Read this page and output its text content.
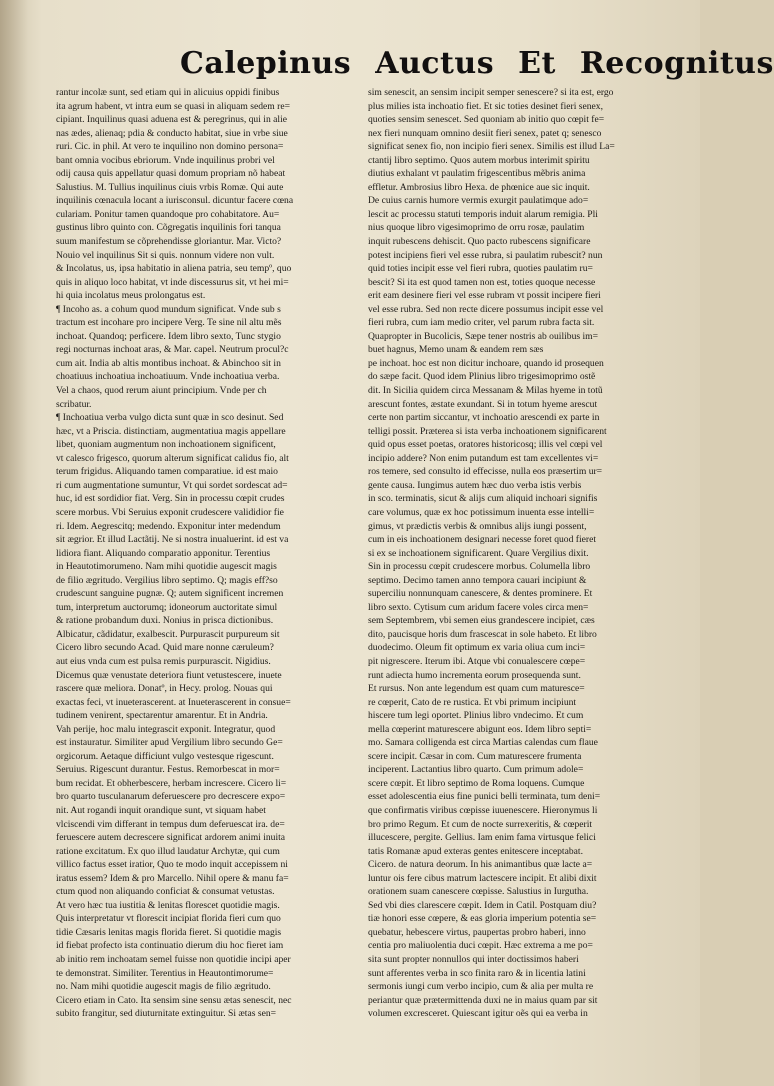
Calepinus Auctus Et Recognitus
rantur incolæ sunt, sed etiam qui in alicuius oppidi finibus
ita agrum habent, vt intra eum se quasi in aliquam sedem re=
cipiant. Inquilinus quasi aduena est & peregrinus, qui in alie
nas ædes, alienaq; pdia & conducto habitat, siue in vrbe siue
ruri. Cic. in phil. At vero te inquilino non domino persona=
bant omnia vocibus ebriorum. Vnde inquilinus probri vel
odij causa quis appellatur quasi domum propriam nõ habeat
Salustius. M. Tullius inquilinus ciuis vrbis Romæ. Qui aute
inquilinis cœnacula locant a iurisconsul. dicuntur facere cœna
culariam. Ponitur tamen quandoque pro cohabitatore. Au=
gustinus libro quinto con. Cõgregatis inquilinis fori tanqua
suum manifestum se cõprehendisse gloriantur. Mar. Victo?
Nouio vel inquilinus Sit si quis. nonnum videre non vult.
& Incolatus, us, ipsa habitatio in aliena patria, seu tempº, quo
quis in aliquo loco habitat, vt inde discessurus sit, vt hei mi=
hi quia incolatus meus prolongatus est.
¶ Incoho as. a cohum quod mundum significat. Vnde sub s
tractum est incohare pro incipere Verg. Te sine nil altu mẽs
inchoat. Quandoq; perficere. Idem libro sexto, Tunc stygio
regi nocturnas inchoat aras, & Mar. capel. Neutrum procul?c
cum ait. India ab altis montibus inchoat. & Abinchoo sit in
choatiuus inchoatiua inchoatiuum. Vnde inchoatiua verba.
Vel a chaos, quod rerum aiunt principium. Vnde per ch
scribatur.
¶ Inchoatiua verba vulgo dicta sunt quæ in sco desinut. Sed
hæc, vt a Priscia. distinctiam, augmentatiua magis appellare
libet, quoniam augmentum non inchoationem significent,
vt calesco frigesco, quorum alterum significat calidus fio, alt
terum frigidus. Aliquando tamen comparatiue. id est maio
ri cum augmentatione sumuntur, Vt qui sordet sordescat ad=
huc, id est sordidior fiat. Verg. Sin in processu cœpit crudes
scere morbus. Vbi Seruius exponit crudescere valididior fie
ri. Idem. Aegrescitq; medendo. Exponitur inter medendum
sit ægrior. Et illud Lactãtij. Ne si nostra inualuerint. id est va
lidiora fiant. Aliquando comparatio apponitur. Terentius
in Heautotimorumeno. Nam mihi quotidie augescit magis
de filio ægritudo. Vergilius libro septimo. Q; magis eff?so
crudescunt sanguine pugnæ. Q; autem significent incremen
tum, interpretum auctorumq; idoneorum auctoritate simul
& ratione probandum duxi. Nonius in prisca dictionibus.
Albicatur, cãdidatur, exalbescit. Purpurascit purpureum sit
Cicero libro secundo Acad. Quid mare nonne cæruleum?
aut eius vnda cum est pulsa remis purpurascit. Nigidius.
Dicemus quæ venustate deteriora fiunt vetustescere, inuete
rascere quæ meliora. Donatº, in Hecy. prolog. Nouas qui
exactas feci, vt inueterascerent. at Inueterascerent in consue=
tudinem venirent, spectarentur amarentur. Et in Andria.
Vah perije, hoc malu integrascit exponit. Integratur, quod
est instauratur. Similiter apud Vergilium libro secundo Ge=
orgicorum. Aetaque difficiunt vulgo vestesque rigescunt.
Seruius. Rigescunt durantur. Festus. Remorbescat in mor=
bum recidat. Et obherbescere, herbam increscere. Cicero li=
bro quarto tusculanarum deferuescere pro decrescere expo=
nit. Aut rogandi inquit orandique sunt, vt siquam habet
vlciscendi vim differant in tempus dum deferuescat ira. de=
feruescere autem decrescere significat ardorem animi inuita
ratione excitatum. Ex quo illud laudatur Archytæ, qui cum
villico factus esset iratior, Quo te modo inquit accepissem ni
iratus essem? Idem & pro Marcello. Nihil opere & manu fa=
ctum quod non aliquando conficiat & consumat vetustas.
At vero hæc tua iustitia & lenitas florescet quotidie magis.
Quis interpretatur vt florescit incipiat florida fieri cum quo
tidie Cæsaris lenitas magis florida fieret. Si quotidie magis
id fiebat profecto ista continuatio dierum diu hoc fieret iam
ab initio rem inchoatam semel fuisse non quotidie incipi aper
te demonstrat. Similiter. Terentius in Heautontimorume=
no. Nam mihi quotidie augescit magis de filio ægritudo.
Cicero etiam in Cato. Ita sensim sine sensu ætas senescit, nec
subito frangitur, sed diuturnitate extinguitur. Si ætas sen=
sim senescit, an sensim incipit semper senescere? si ita est, ergo
plus milies ista inchoatio fiet. Et sic toties desinet fieri senex,
quoties sensim senescet. Sed quoniam ab initio quo cœpit fe=
nex fieri nunquam omnino desiit fieri senex, patet q; senesco
significat senex fio, non incipio fieri senex. Similis est illud La=
ctantij libro septimo. Quos autem morbus interimit spiritu
diutius exhalant vt paulatim frigescentibus mẽbris anima
effletur. Ambrosius libro Hexa. de phœnice aue sic inquit.
De cuius carnis humore vermis exurgit paulatimque ado=
lescit ac processu statuti temporis induit alarum remigia. Pli
nius quoque libro vigesimoprimo de orru rosæ, paulatim
inquit rubescens dehiscit. Quo pacto rubescens significare
potest incipiens fieri vel esse rubra, si paulatim rubescit? nun
quid toties incipit esse vel fieri rubra, quoties paulatim ru=
bescit? Si ita est quod tamen non est, toties quoque necesse
erit eam desinere fieri vel esse rubram vt possit incipere fieri
vel esse rubra. Sed non recte dicere possumus incipit esse vel
fieri rubra, cum iam medio criter, vel parum rubra facta sit.
Quapropter in Bucolicis, Sæpe tener nostris ab ouilibus im=
buet hagnus, Memo unam & eandem rem sæs
pe inchoat. hoc est non dicitur inchoare, quando id prosequen
do sæpe facit. Quod idem Plinius libro trigesimoprimo ostẽ
dit. In Sicilia quidem circa Messanam & Milas hyeme in totũ
arescunt fontes, æstate exundant. Si in totum hyeme arescut
certe non partim siccantur, vt inchoatio arescendi ex parte in
telligi possit. Præterea si ista verba inchoationem significarent
quid opus esset poetas, oratores historicosq; illis vel cœpi vel
incipio addere? Non enim putandum est tam excellentes vi=
ros temere, sed consulto id effecisse, nulla eos præsertim ur=
gente causa. Iungimus autem hæc duo verba istis verbis
in sco. terminatis, sicut & alijs cum aliquid inchoari signifis
care volumus, quæ ex hoc potissimum inuenta esse intelli=
gimus, vt prædictis verbis & omnibus alijs iungi possent,
cum in eis inchoationem designari necesse foret quod fieret
si ex se inchoationem significarent. Quare Vergilius dixit.
Sin in processu cœpit crudescere morbus. Columella libro
septimo. Decimo tamen anno tempora cauari incipiunt &
superciliu nonnunquam canescere, & dentes prominere. Et
libro sexto. Cytisum cum aridum facere voles circa men=
sem Septembrem, vbi semen eius grandescere incipiet, cæs
dito, paucisque horis dum frascescat in sole habeto. Et libro
duodecimo. Oleum fit optimum ex varia oliua cum inci=
pit nigrescere. Iterum ibi. Atque vbi conualescere cœpe=
runt adiecta humo incrementa eorum prosequenda sunt.
Et rursus. Non ante legendum est quam cum maturesce=
re cœperit, Cato de re rustica. Et vbi primum incipiunt
hiscere tum legi oportet. Plinius libro vndecimo. Et cum
mella cœperint maturescere abigunt eos. Idem libro septi=
mo. Samara colligenda est circa Martias calendas cum flaue
scere incipit. Cæsar in com. Cum maturescere frumenta
inciperent. Lactantius libro quarto. Cum primum adole=
scere cœpit. Et libro septimo de Roma loquens. Cumque
esset adolescentia eius fine punici belli terminata, tum deni=
que confirmatis viribus cœpisse iuuenescere. Hieronymus li
bro primo Regum. Et cum de nocte surrexeritis, & cœperit
illucescere, pergite. Gellius. Iam enim fama virtusque felici
tatis Romanæ apud exteras gentes enitescere inceptabat.
Cicero. de natura deorum. In his animantibus quæ lacte a=
luntur ois fere cibus matrum lactescere incipit. Et alibi dixit
orationem suam canescere cœpisse. Salustius in Iurgutha.
Sed vbi dies clarescere cœpit. Idem in Catil. Postquam diu?
tiæ honori esse cœpere, & eas gloria imperium potentia se=
quebatur, hebescere virtus, paupertas probro haberi, inno
centia pro maliuolentia duci cœpit. Hæc extrema a me po=
sita sunt propter nonnullos qui inter doctissimos haberi
sunt afferentes verba in sco finita raro & in licentia latini
sermonis iungi cum verbo incipio, cum & alia per multa re
periantur quæ prætermittenda duxi ne in maius quam par sit
volumen excresceret. Quiescant igitur oẽs qui ea verba in
